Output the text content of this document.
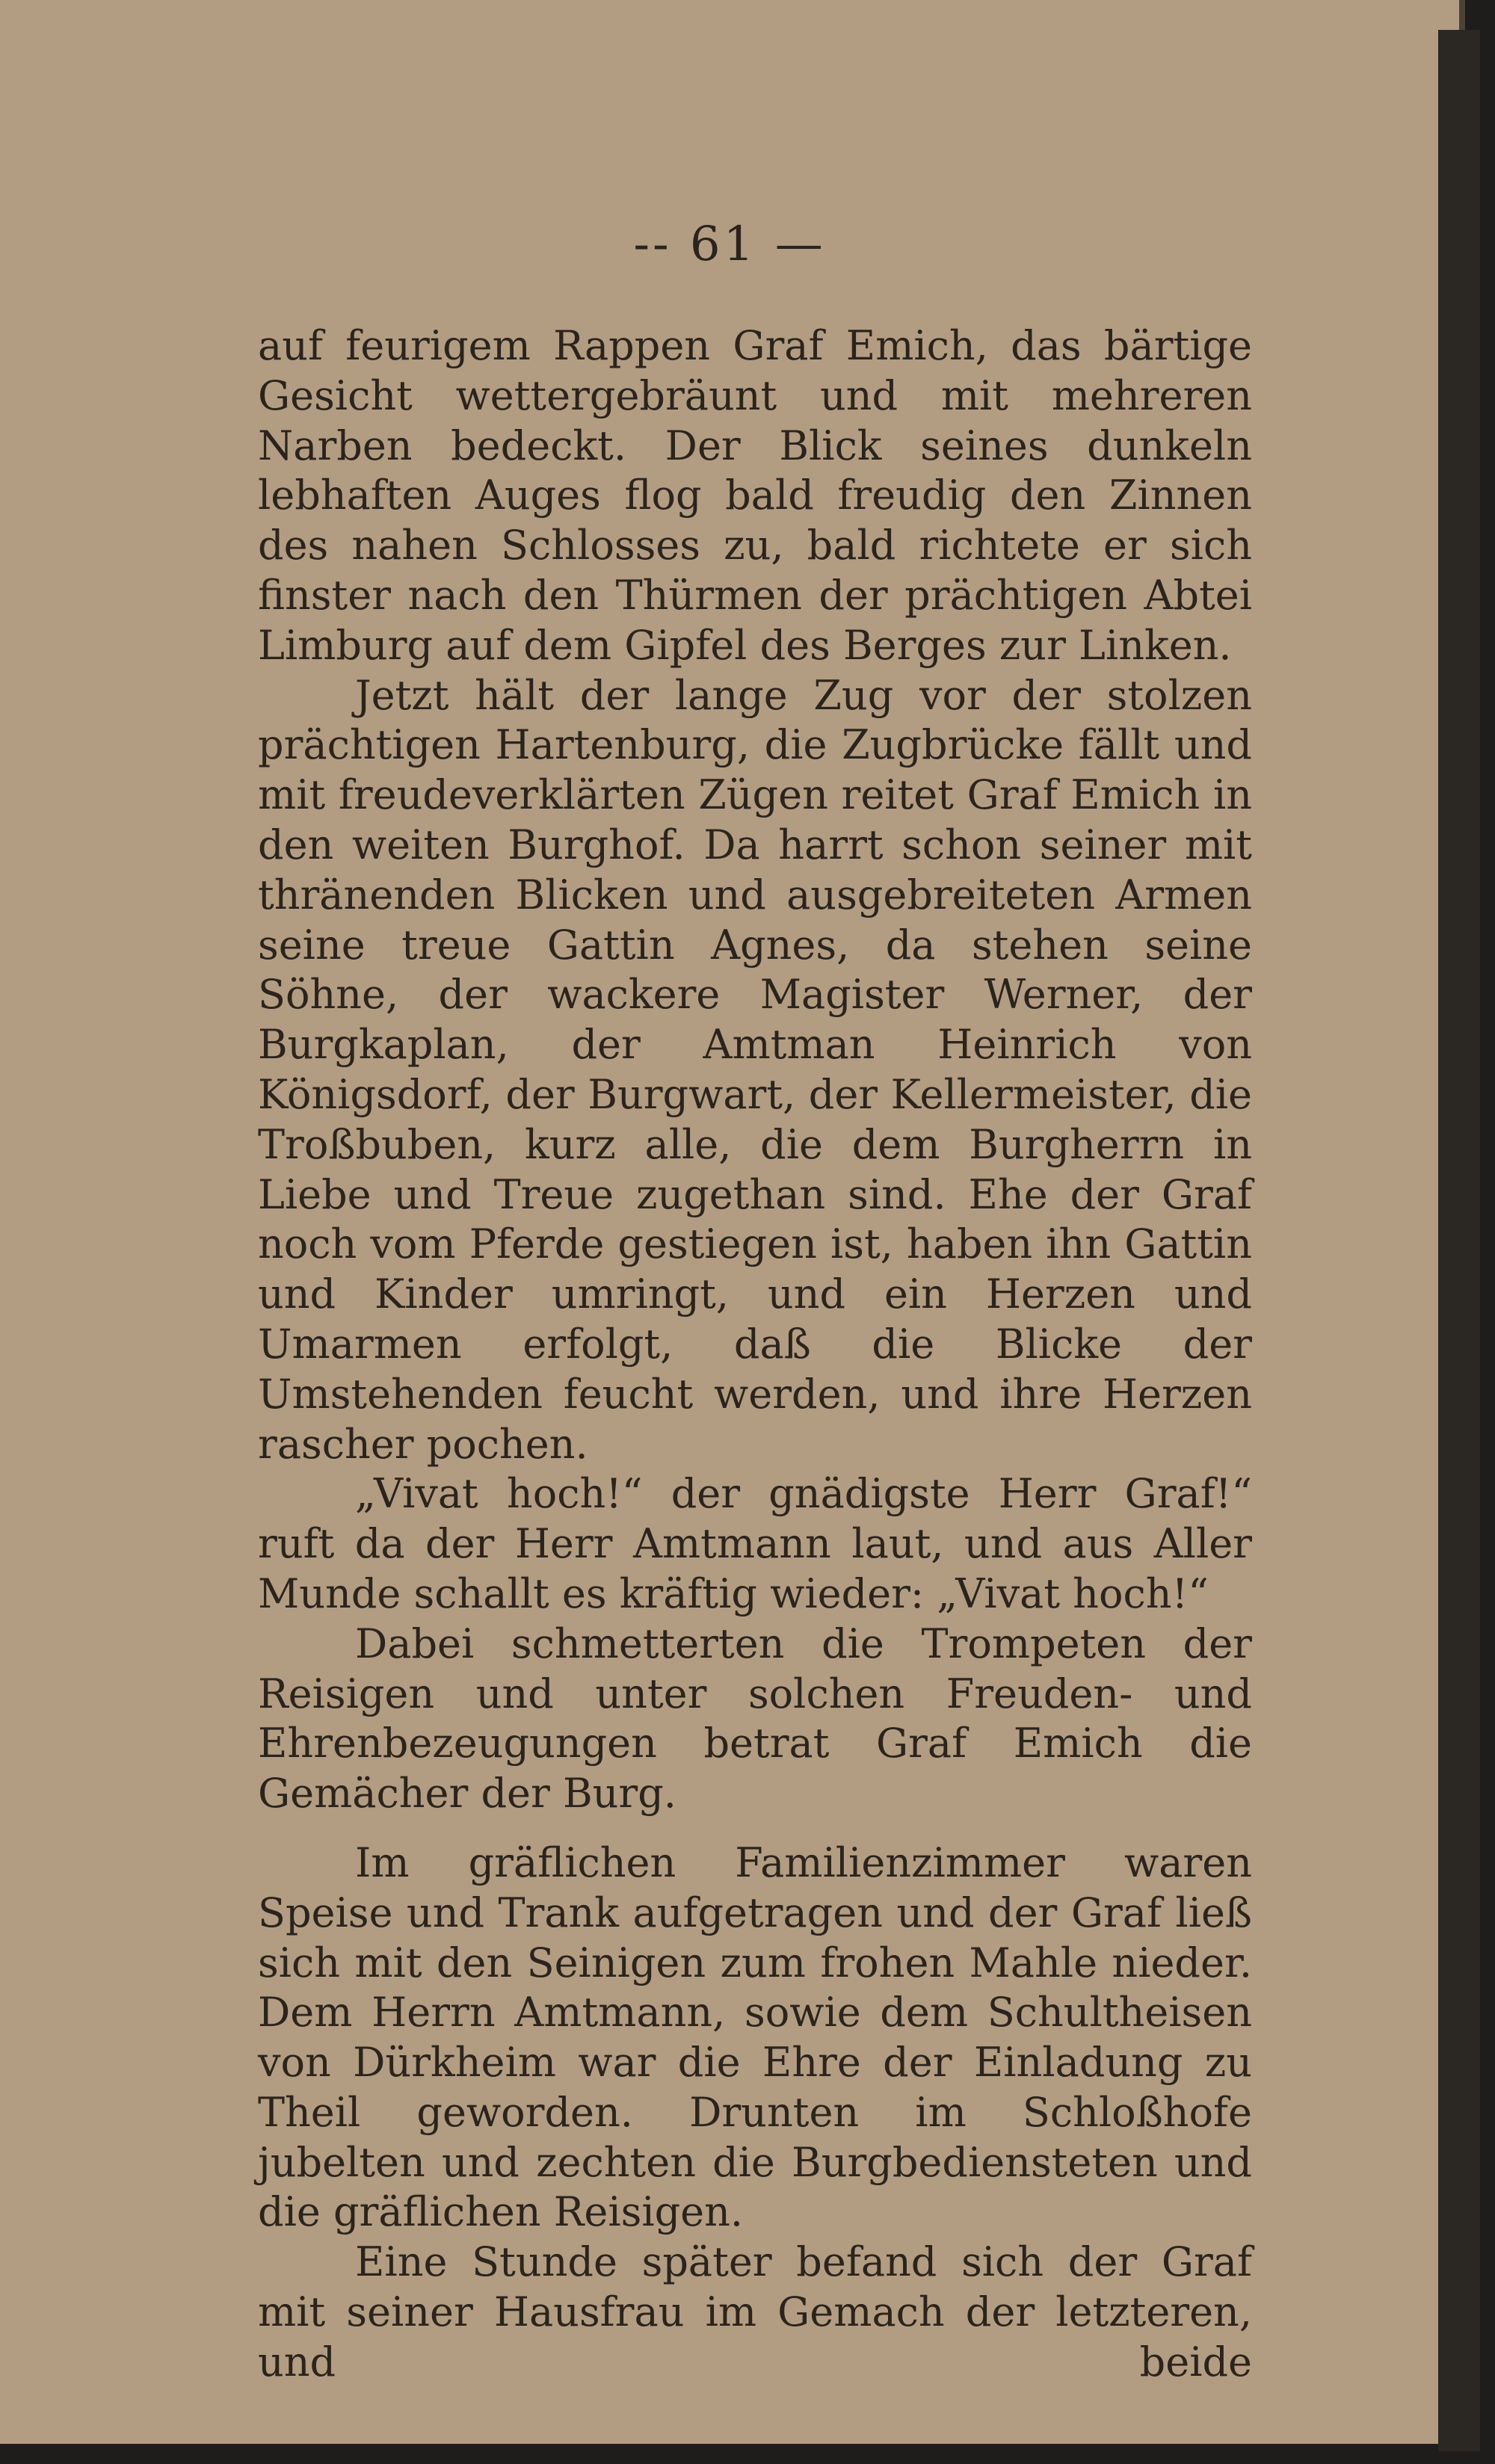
-- 61 —

auf feurigem Rappen Graf Emich, das bärtige Gesicht wettergebräunt und mit mehreren Narben bedeckt. Der Blick seines dunkeln lebhaften Auges flog bald freudig den Zinnen des nahen Schlosses zu, bald richtete er sich finster nach den Thürmen der prächtigen Abtei Limburg auf dem Gipfel des Berges zur Linken.

Jetzt hält der lange Zug vor der stolzen prächtigen Hartenburg, die Zugbrücke fällt und mit freudeverklärten Zügen reitet Graf Emich in den weiten Burghof. Da harrt schon seiner mit thränenden Blicken und ausgebreiteten Armen seine treue Gattin Agnes, da stehen seine Söhne, der wackere Magister Werner, der Burgkaplan, der Amtman Heinrich von Königsdorf, der Burgwart, der Kellermeister, die Troßbuben, kurz alle, die dem Burgherrn in Liebe und Treue zugethan sind. Ehe der Graf noch vom Pferde gestiegen ist, haben ihn Gattin und Kinder umringt, und ein Herzen und Umarmen erfolgt, daß die Blicke der Umstehenden feucht werden, und ihre Herzen rascher pochen.

„Vivat hoch!“ der gnädigste Herr Graf!“ ruft da der Herr Amtmann laut, und aus Aller Munde schallt es kräftig wieder: „Vivat hoch!“

Dabei schmetterten die Trompeten der Reisigen und unter solchen Freuden- und Ehrenbezeugungen betrat Graf Emich die Gemächer der Burg.

Im gräflichen Familienzimmer waren Speise und Trank aufgetragen und der Graf ließ sich mit den Seinigen zum frohen Mahle nieder. Dem Herrn Amtmann, sowie dem Schultheisen von Dürkheim war die Ehre der Einladung zu Theil geworden. Drunten im Schloßhofe jubelten und zechten die Burgbediensteten und die gräflichen Reisigen.

Eine Stunde später befand sich der Graf mit seiner Hausfrau im Gemach der letzteren, und beide
